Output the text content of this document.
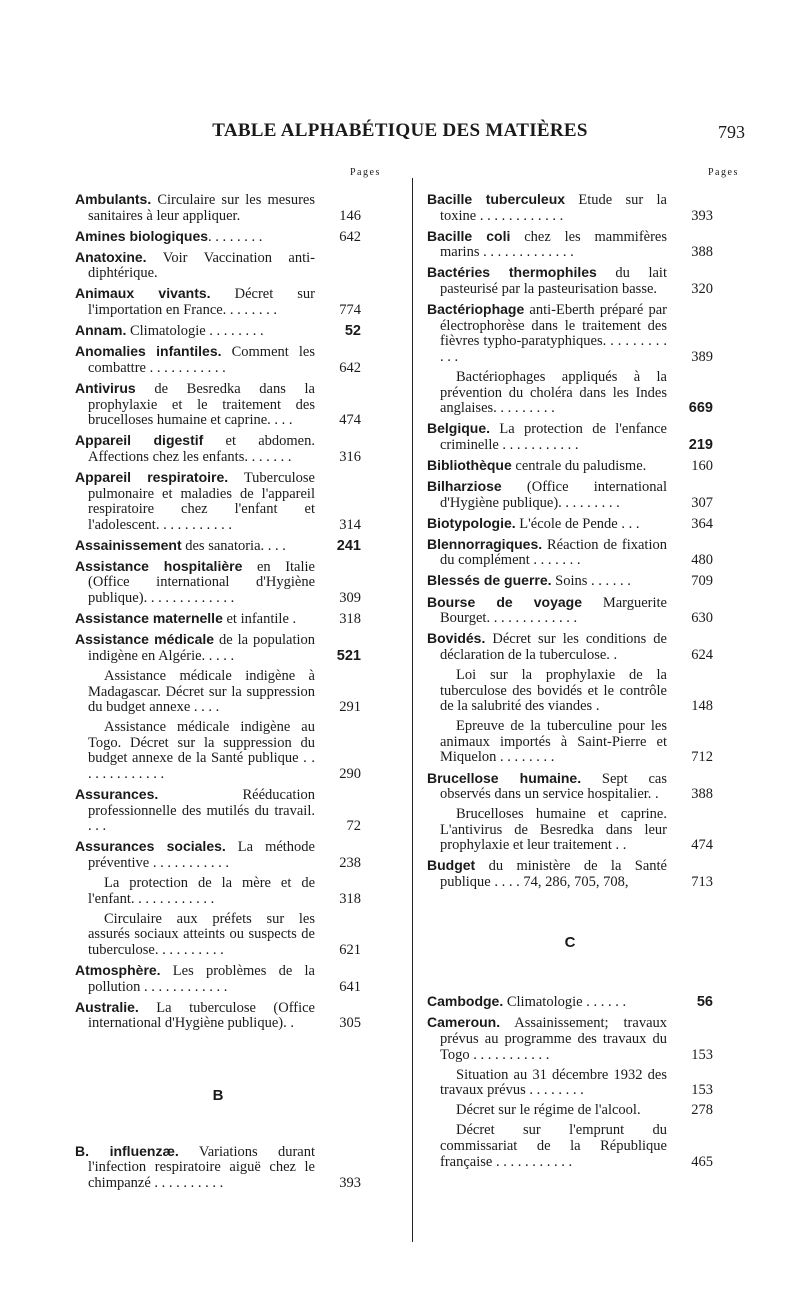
TABLE ALPHABÉTIQUE DES MATIÈRES	793
Pages	Pages
Ambulants. Circulaire sur les mesures sanitaires à leur appliquer.	146
Amines biologiques. . . . . . . .	642
Anatoxine. Voir Vaccination anti-diphtérique.
Animaux vivants. Décret sur l'importation en France. . . . . . . .	774
Annam. Climatologie . . . . . . . .	52
Anomalies infantiles. Comment les combattre . . . . . . . . . . .	642
Antivirus de Besredka dans la prophylaxie et le traitement des brucelloses humaine et caprine. . . .	474
Appareil digestif et abdomen. Affections chez les enfants. . . . . . .	316
Appareil respiratoire. Tuberculose pulmonaire et maladies de l'appareil respiratoire chez l'enfant et l'adolescent. . . . . . . . . . .	314
Assainissement des sanatoria. . . .	241
Assistance hospitalière en Italie (Office international d'Hygiène publique). . . . . . . . . . . . .	309
Assistance maternelle et infantile .	318
Assistance médicale de la population indigène en Algérie. . . . .	521
Assistance médicale indigène à Madagascar. Décret sur la suppression du budget annexe . . . .	291
Assistance médicale indigène au Togo. Décret sur la suppression du budget annexe de la Santé publique . . . . . . . . . . . . .	290
Assurances. Rééducation professionnelle des mutilés du travail. . . .	72
Assurances sociales. La méthode préventive . . . . . . . . . . .	238
La protection de la mère et de l'enfant. . . . . . . . . . . .	318
Circulaire aux préfets sur les assurés sociaux atteints ou suspects de tuberculose. . . . . . . . . .	621
Atmosphère. Les problèmes de la pollution . . . . . . . . . . . .	641
Australie. La tuberculose (Office international d'Hygiène publique). .	305
B
B. influenzæ. Variations durant l'infection respiratoire aiguë chez le chimpanzé . . . . . . . . . .	393
Bacille tuberculeux Etude sur la toxine . . . . . . . . . . . .	393
Bacille coli chez les mammifères marins . . . . . . . . . . . . .	388
Bactéries thermophiles du lait pasteurisé par la pasteurisation basse. 320
Bactériophage anti-Eberth préparé par électrophorèse dans le traitement des fièvres typho-paratyphiques. . . . . . . . . . . .	389
Bactériophages appliqués à la prévention du choléra dans les Indes anglaises. . . . . . . . .	669
Belgique. La protection de l'enfance criminelle . . . . . . . . . . .	219
Bibliothèque centrale du paludisme.	160
Bilharziose (Office international d'Hygiène publique). . . . . . . . .	307
Biotypologie. L'école de Pende . . .	364
Blennorragiques. Réaction de fixation du complément . . . . . . .	480
Blessés de guerre. Soins . . . . . .	709
Bourse de voyage Marguerite Bourget. . . . . . . . . . . . .	630
Bovidés. Décret sur les conditions de déclaration de la tuberculose. .	624
Loi sur la prophylaxie de la tuberculose des bovidés et le contrôle de la salubrité des viandes .	148
Epreuve de la tuberculine pour les animaux importés à Saint-Pierre et Miquelon . . . . . . . .	712
Brucellose humaine. Sept cas observés dans un service hospitalier. . 388
Brucelloses humaine et caprine. L'antivirus de Besredka dans leur prophylaxie et leur traitement . .	474
Budget du ministère de la Santé publique . . . . 74, 286, 705, 708,	713
C
Cambodge. Climatologie . . . . . .	56
Cameroun. Assainissement; travaux prévus au programme des travaux du Togo . . . . . . . . . . .	153
Situation au 31 décembre 1932 des travaux prévus . . . . . . . .	153
Décret sur le régime de l'alcool.	278
Décret sur l'emprunt du commissariat de la République française . . . . . . . . . . .	465
